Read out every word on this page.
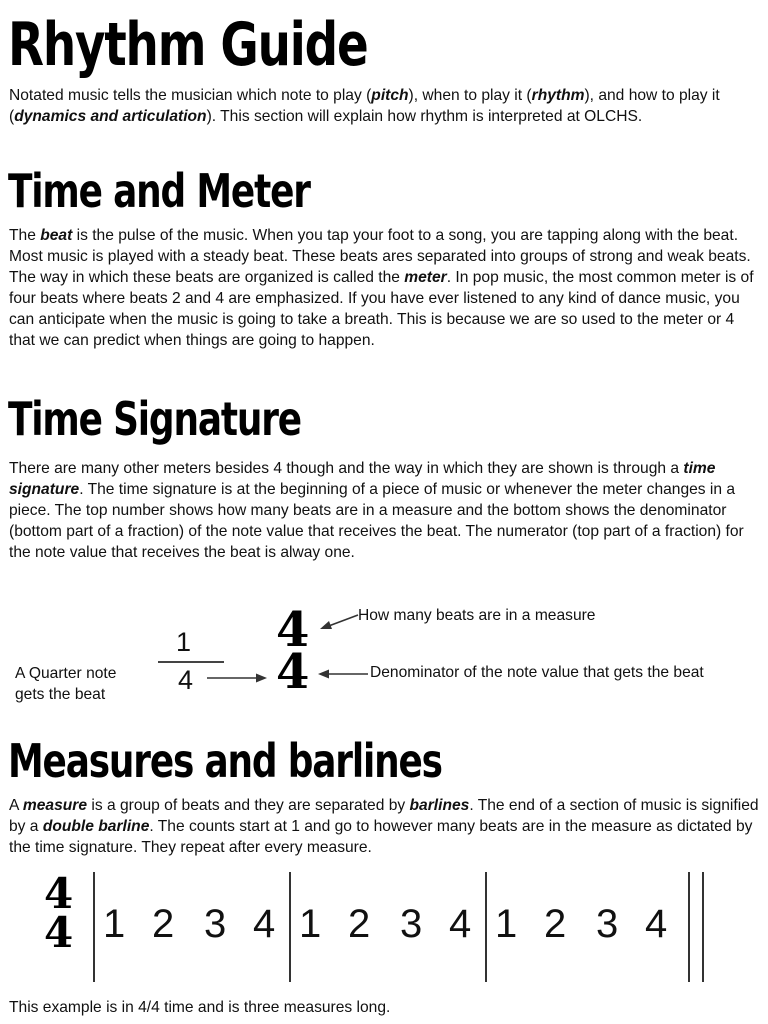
Rhythm Guide

Notated music tells the musician which note to play (pitch), when to play it (rhythm), and how to play it (dynamics and articulation). This section will explain how rhythm is interpreted at OLCHS.

Time and Meter

The beat is the pulse of the music. When you tap your foot to a song, you are tapping along with the beat. Most music is played with a steady beat. These beats ares separated into groups of strong and weak beats. The way in which these beats are organized is called the meter. In pop music, the most common meter is of four beats where beats 2 and 4 are emphasized. If you have ever listened to any kind of dance music, you can anticipate when the music is going to take a breath. This is because we are so used to the meter or 4 that we can predict when things are going to happen.

Time Signature

There are many other meters besides 4 though and the way in which they are shown is through a time signature. The time signature is at the beginning of a piece of music or whenever the meter changes in a piece. The top number shows how many beats are in a measure and the bottom shows the denominator (bottom part of a fraction) of the note value that receives the beat. The numerator (top part of a fraction) for the note value that receives the beat is alway one.

A Quarter note
gets the beat
1
4
4
4
How many beats are in a measure
Denominator of the note value that gets the beat
Measures and barlines

A measure is a group of beats and they are separated by barlines. The end of a section of music is signified by a double barline. The counts start at 1 and go to however many beats are in the measure as dictated by the time signature. They repeat after every measure.

4
4 1 2 3 4 1 2 3 4 1 2 3 4

This example is in 4/4 time and is three measures long.
